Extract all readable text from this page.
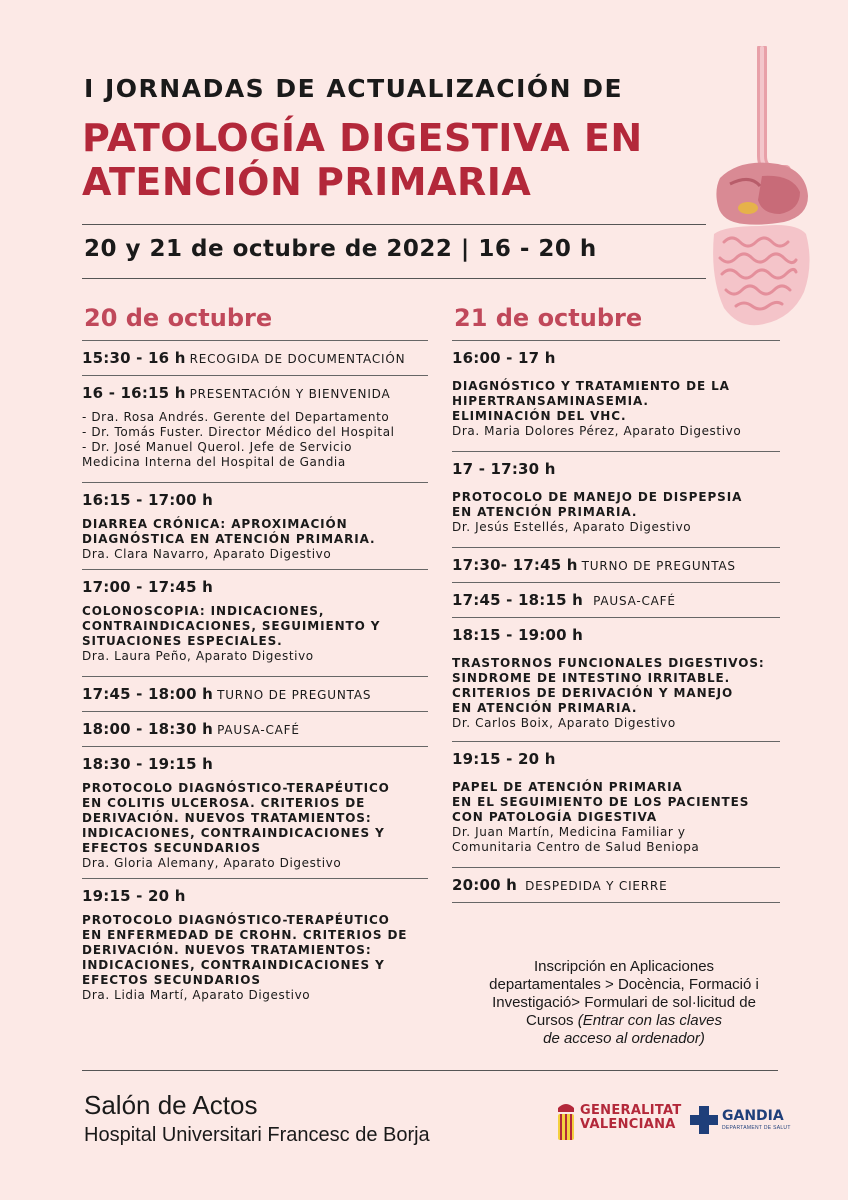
I JORNADAS DE ACTUALIZACIÓN DE
PATOLOGÍA DIGESTIVA EN
ATENCIÓN PRIMARIA
20 y 21 de octubre de 2022 | 16 - 20 h
20 de octubre	21 de octubre
15:30 - 16 h RECOGIDA DE DOCUMENTACIÓN
16 - 16:15 h PRESENTACIÓN Y BIENVENIDA
- Dra. Rosa Andrés. Gerente del Departamento
- Dr. Tomás Fuster. Director Médico del Hospital
- Dr. José Manuel Querol. Jefe de Servicio
Medicina Interna del Hospital de Gandia
16:15 - 17:00 h
DIARREA CRÓNICA: APROXIMACIÓN
DIAGNÓSTICA EN ATENCIÓN PRIMARIA.
Dra. Clara Navarro, Aparato Digestivo
17:00 - 17:45 h
COLONOSCOPIA: INDICACIONES,
CONTRAINDICACIONES, SEGUIMIENTO Y
SITUACIONES ESPECIALES.
Dra. Laura Peño, Aparato Digestivo
17:45 - 18:00 h TURNO DE PREGUNTAS
18:00 - 18:30 h PAUSA-CAFÉ
18:30 - 19:15 h
PROTOCOLO DIAGNÓSTICO-TERAPÉUTICO
EN COLITIS ULCEROSA. CRITERIOS DE
DERIVACIÓN. NUEVOS TRATAMIENTOS:
INDICACIONES, CONTRAINDICACIONES Y
EFECTOS SECUNDARIOS
Dra. Gloria Alemany, Aparato Digestivo
19:15 - 20 h
PROTOCOLO DIAGNÓSTICO-TERAPÉUTICO
EN ENFERMEDAD DE CROHN. CRITERIOS DE
DERIVACIÓN. NUEVOS TRATAMIENTOS:
INDICACIONES, CONTRAINDICACIONES Y
EFECTOS SECUNDARIOS
Dra. Lidia Martí, Aparato Digestivo
16:00 - 17 h
DIAGNÓSTICO Y TRATAMIENTO DE LA
HIPERTRANSAMINASEMIA.
ELIMINACIÓN DEL VHC.
Dra. Maria Dolores Pérez, Aparato Digestivo
17 - 17:30 h
PROTOCOLO DE MANEJO DE DISPEPSIA
EN ATENCIÓN PRIMARIA.
Dr. Jesús Estellés, Aparato Digestivo
17:30- 17:45 h TURNO DE PREGUNTAS
17:45 - 18:15 h PAUSA-CAFÉ
18:15 - 19:00 h
TRASTORNOS FUNCIONALES DIGESTIVOS:
SINDROME DE INTESTINO IRRITABLE.
CRITERIOS DE DERIVACIÓN Y MANEJO
EN ATENCIÓN PRIMARIA.
Dr. Carlos Boix, Aparato Digestivo
19:15 - 20 h
PAPEL DE ATENCIÓN PRIMARIA
EN EL SEGUIMIENTO DE LOS PACIENTES
CON PATOLOGÍA DIGESTIVA
Dr. Juan Martín, Medicina Familiar y
Comunitaria Centro de Salud Beniopa
20:00 h DESPEDIDA Y CIERRE
Inscripción en Aplicaciones
departamentales > Docència, Formació i
Investigació> Formulari de sol·licitud de
Cursos (Entrar con las claves
de acceso al ordenador)
Salón de Actos
Hospital Universitari Francesc de Borja
GENERALITAT
VALENCIANA
GANDIA
DEPARTAMENT DE SALUT
